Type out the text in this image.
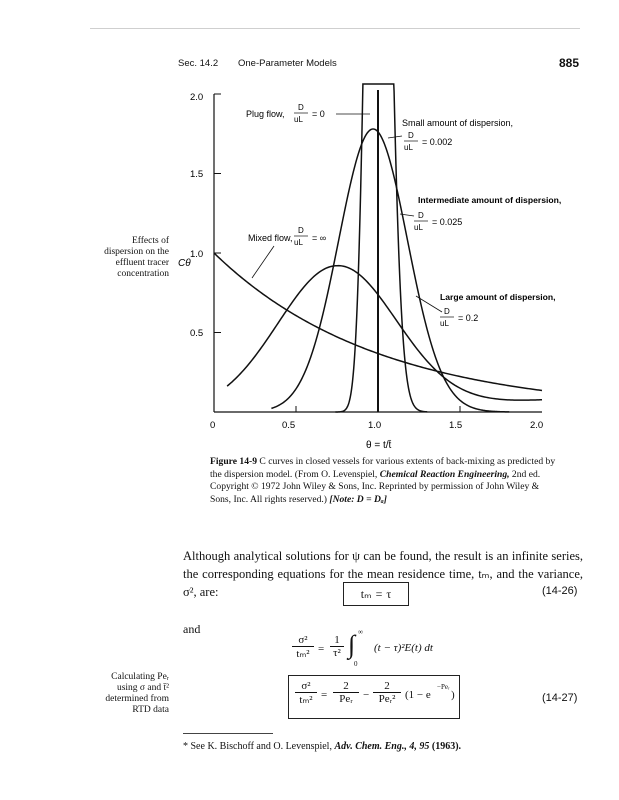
Sec. 14.2 One-Parameter Models	885
Effects of
dispersion on the
effluent tracer
concentration
2.0
1.5
1.0
0.5
0	0.5	1.0	1.5	2.0
Cθ
θ = t/t̄
Plug flow,
D
uL
= 0
Small amount of dispersion,
D
uL
= 0.002
Intermediate amount of dispersion,
D
uL
= 0.025
Large amount of dispersion,
D
uL
= 0.2
Mixed flow,
D
uL = ∞
Figure 14-9 C curves in closed vessels for various extents of back-mixing as predicted by the dispersion model. (From O. Levenspiel, Chemical Reaction Engineering, 2nd ed. Copyright © 1972 John Wiley & Sons, Inc. Reprinted by permission of John Wiley & Sons, Inc. All rights reserved.) [Note: D = Dₐ]
Although analytical solutions for ψ can be found, the result is an infinite series, the corresponding equations for the mean residence time, tₘ, and the variance, σ², are:	tₘ = τ	(14-26)
and
σ²
tₘ² =
1
τ² ∫ ∞
0
(t − τ)²E(t) dt
σ²
tₘ² =
2
Peᵣ −
2
Peᵣ² (1 − e
−Peᵣ
)	(14-27)
Calculating Peᵣ
using σ and t̄²
determined from
RTD data
* See K. Bischoff and O. Levenspiel, Adv. Chem. Eng., 4, 95 (1963).
